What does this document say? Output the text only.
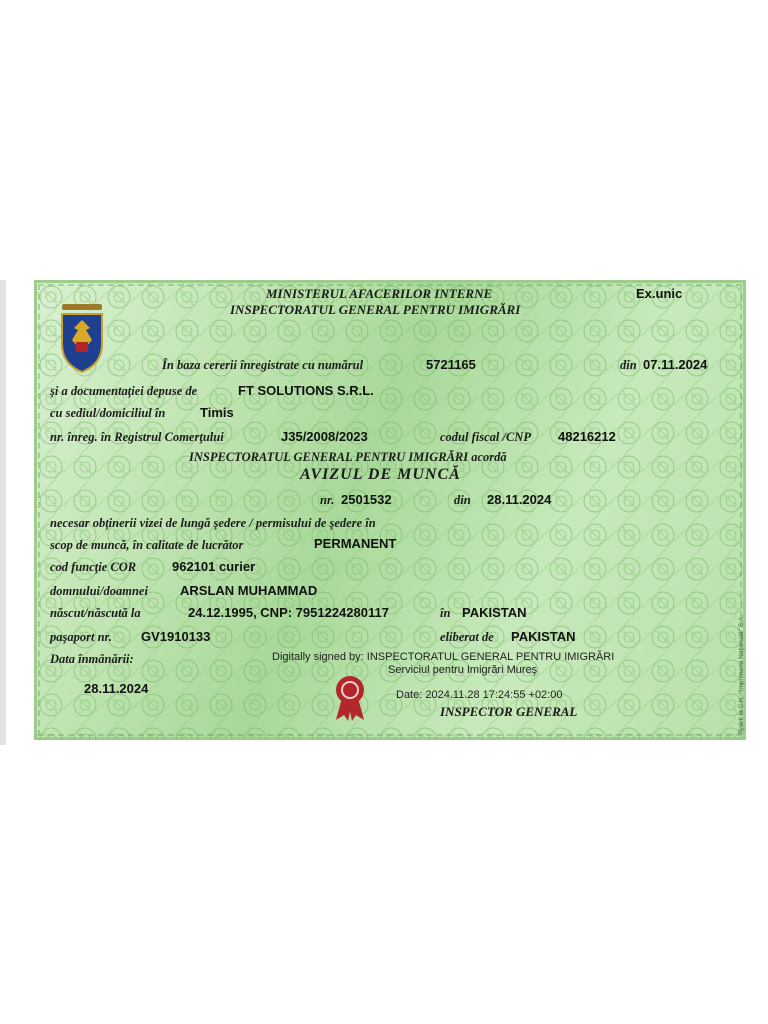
MINISTERUL AFACERILOR INTERNE
INSPECTORATUL GENERAL PENTRU IMIGRĂRI
Ex.unic
În baza cererii înregistrate cu numărul	5721165	din 07.11.2024
şi a documentaţiei depuse de	FT SOLUTIONS S.R.L.
cu sediul/domiciliul în	Timis
nr. înreg. în Registrul Comerţului	J35/2008/2023	codul fiscal /CNP 48216212
INSPECTORATUL GENERAL PENTRU IMIGRĂRI acordă
AVIZUL DE MUNCĂ
nr. 2501532	din 28.11.2024
necesar obţinerii vizei de lungă şedere / permisului de şedere în
scop de muncă, în calitate de lucrător	PERMANENT
cod funcţie COR	962101 curier
domnului/doamnei ARSLAN MUHAMMAD
născut/născută la	24.12.1995, CNP: 7951224280117	în PAKISTAN
paşaport nr. GV1910133	eliberat de PAKISTAN
Data înmânării:
28.11.2024
Digitally signed by: INSPECTORATUL GENERAL PENTRU IMIGRĂRI
Serviciul pentru Imigrări Mureş
Date: 2024.11.28 17:24:55 +02:00
INSPECTOR GENERAL	Tipărit la C.N. "Imprimeria Naţională" S.A.
